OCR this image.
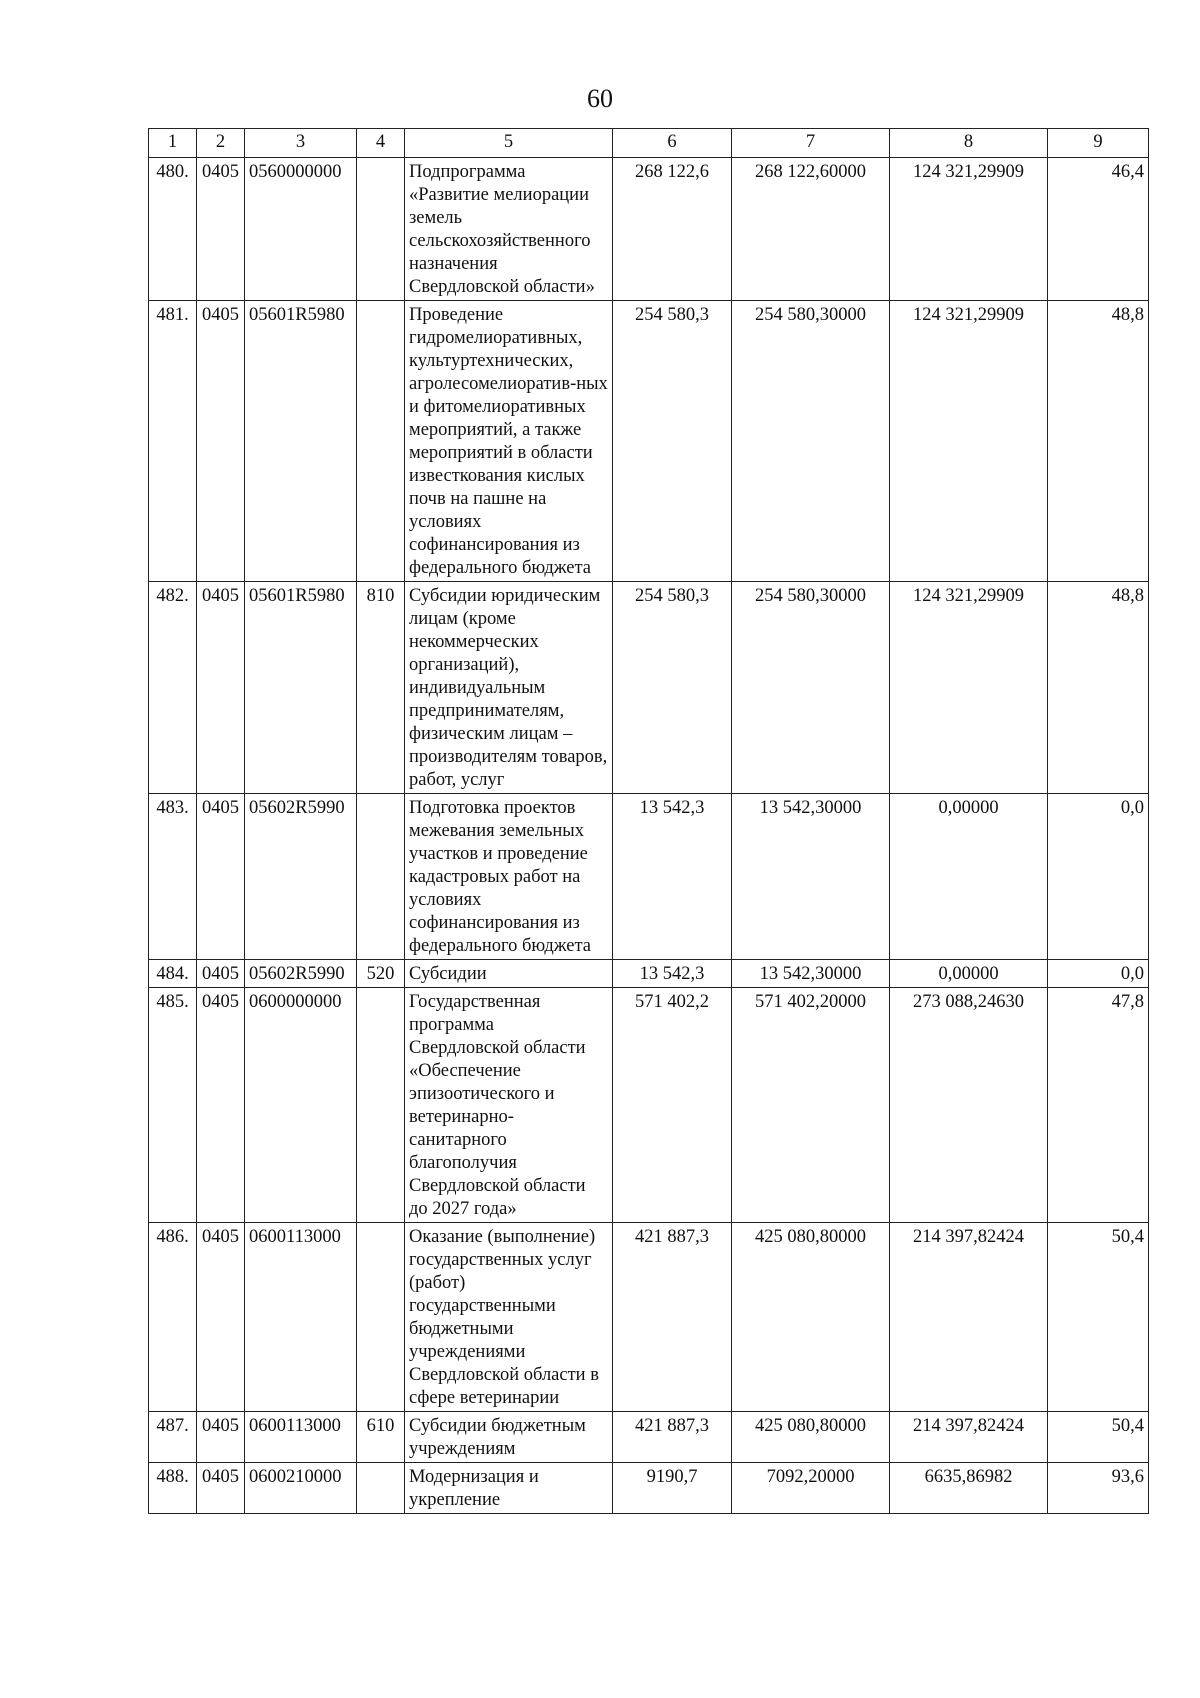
60
1	2	3	4	5	6	7	8	9
480.	0405	0560000000		Подпрограмма «Развитие мелиорации земель сельскохозяйственного назначения Свердловской области»	268 122,6	268 122,60000	124 321,29909	46,4
481.	0405	05601R5980		Проведение гидромелиоративных, культуртехнических, агролесомелиоратив-ных и фитомелиоративных мероприятий, а также мероприятий в области известкования кислых почв на пашне на условиях софинансирования из федерального бюджета	254 580,3	254 580,30000	124 321,29909	48,8
482.	0405	05601R5980	810	Субсидии юридическим лицам (кроме некоммерческих организаций), индивидуальным предпринимателям, физическим лицам – производителям товаров, работ, услуг	254 580,3	254 580,30000	124 321,29909	48,8
483.	0405	05602R5990		Подготовка проектов межевания земельных участков и проведение кадастровых работ на условиях софинансирования из федерального бюджета	13 542,3	13 542,30000	0,00000	0,0
484.	0405	05602R5990	520	Субсидии	13 542,3	13 542,30000	0,00000	0,0
485.	0405	0600000000		Государственная программа Свердловской области «Обеспечение эпизоотического и ветеринарно-санитарного благополучия Свердловской области до 2027 года»	571 402,2	571 402,20000	273 088,24630	47,8
486.	0405	0600113000		Оказание (выполнение) государственных услуг (работ) государственными бюджетными учреждениями Свердловской области в сфере ветеринарии	421 887,3	425 080,80000	214 397,82424	50,4
487.	0405	0600113000	610	Субсидии бюджетным учреждениям	421 887,3	425 080,80000	214 397,82424	50,4
488.	0405	0600210000		Модернизация и укрепление	9190,7	7092,20000	6635,86982	93,6
